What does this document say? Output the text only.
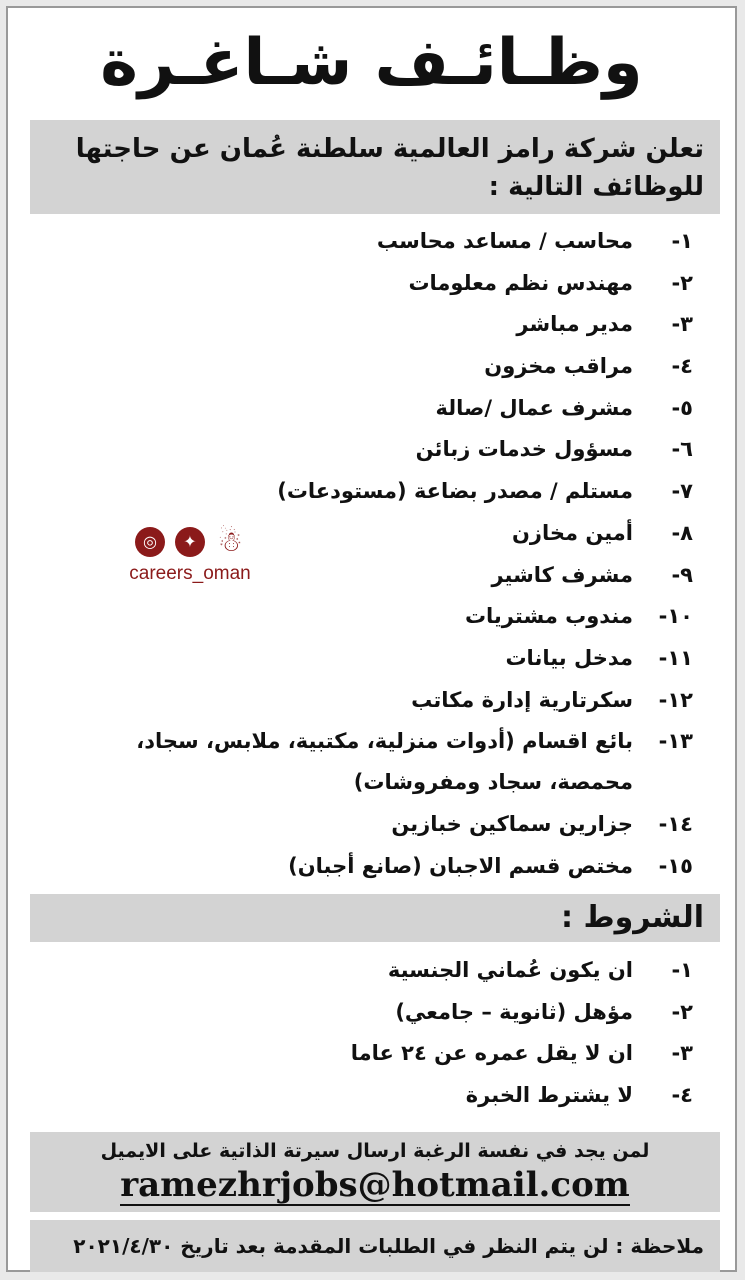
وظـائـف شـاغـرة
تعلن شركة رامز العالمية سلطنة عُمان عن حاجتها
للوظائف التالية :
١-
محاسب / مساعد محاسب
٢-
مهندس نظم معلومات
٣-
مدير مباشر
٤-
مراقب مخزون
٥-
مشرف عمال /صالة
٦-
مسؤول خدمات زبائن
٧-
مستلم / مصدر بضاعة (مستودعات)
٨-
أمين مخازن
٩-
مشرف كاشير
١٠-
مندوب مشتريات
١١-
مدخل بيانات
١٢-
سكرتارية إدارة مكاتب
١٣-
بائع اقسام (أدوات منزلية، مكتبية، ملابس، سجاد، محمصة، سجاد ومفروشات)
١٤-
جزارين سماكين خبازين
١٥-
مختص قسم الاجبان (صانع أجبان)
◎	✦ ☃
careers_oman
الشروط :
١-
ان يكون عُماني الجنسية
٢-
مؤهل (ثانوية – جامعي)
٣-
ان لا يقل عمره عن ٢٤ عاما
٤-
لا يشترط الخبرة
لمن يجد في نفسة الرغبة ارسال سيرتة الذاتية على الايميل
ramezhrjobs@hotmail.com
ملاحظة : لن يتم النظر في الطلبات المقدمة بعد تاريخ ٢٠٢١/٤/٣٠
